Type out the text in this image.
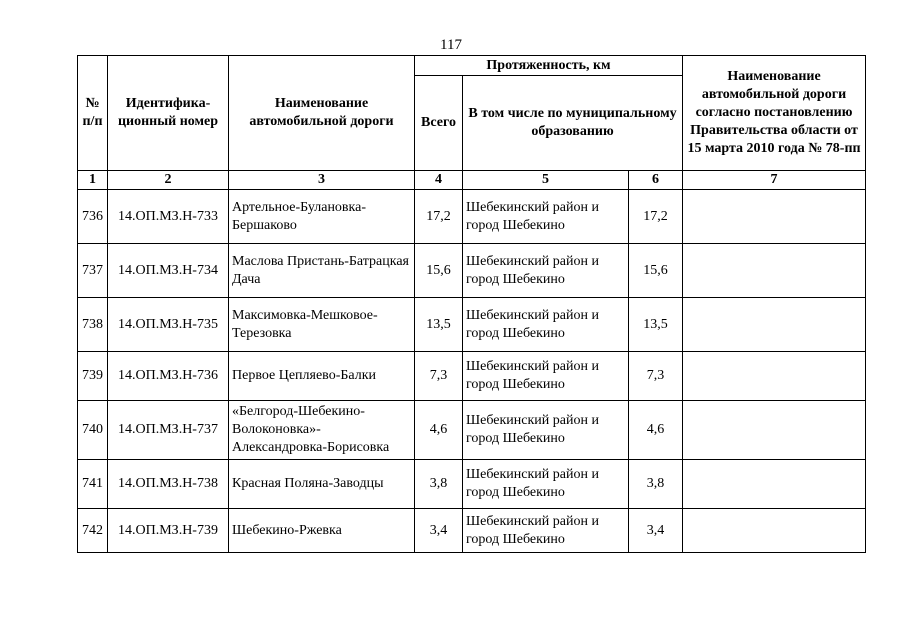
117
№ п/п	Идентифика-ционный номер	Наименование автомобильной дороги	Протяженность, км			Наименование автомобильной дороги согласно постановлению Правительства области от 15 марта 2010 года № 78-пп
			Всего	В том числе по муниципальному образованию		
1	2	3	4	5	6	7
736	14.ОП.МЗ.Н-733	Артельное-Булановка-Бершаково	17,2	Шебекинский район и город Шебекино	17,2	
737	14.ОП.МЗ.Н-734	Маслова Пристань-Батрацкая Дача	15,6	Шебекинский район и город Шебекино	15,6	
738	14.ОП.МЗ.Н-735	Максимовка-Мешковое-Терезовка	13,5	Шебекинский район и город Шебекино	13,5	
739	14.ОП.МЗ.Н-736	Первое Цепляево-Балки	7,3	Шебекинский район и город Шебекино	7,3	
740	14.ОП.МЗ.Н-737	«Белгород-Шебекино-Волоконовка»-Александровка-Борисовка	4,6	Шебекинский район и город Шебекино	4,6	
741	14.ОП.МЗ.Н-738	Красная Поляна-Заводцы	3,8	Шебекинский район и город Шебекино	3,8	
742	14.ОП.МЗ.Н-739	Шебекино-Ржевка	3,4	Шебекинский район и город Шебекино	3,4	
